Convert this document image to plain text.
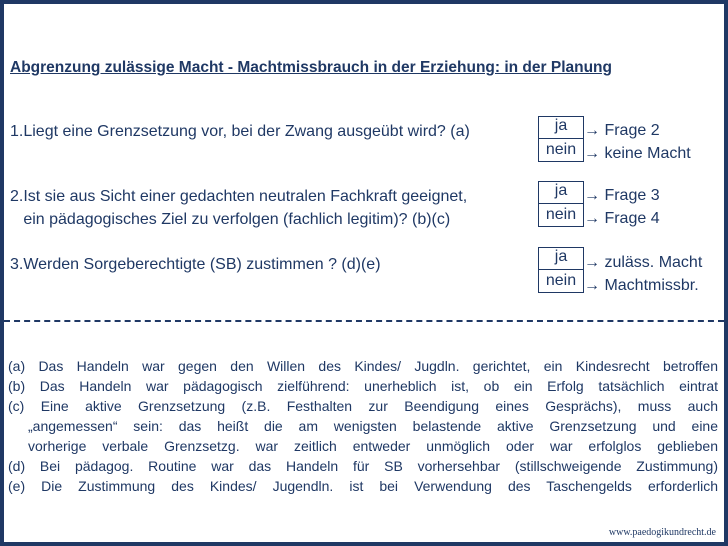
Abgrenzung zulässige Macht - Machtmissbrauch in der Erziehung: in der Planung
1.Liegt eine Grenzsetzung vor, bei der Zwang ausgeübt wird? (a)	ja
nein
→ Frage 2
→ keine Macht
2.Ist sie aus Sicht einer gedachten neutralen Fachkraft geeignet,
ein pädagogisches Ziel zu verfolgen (fachlich legitim)? (b)(c)
ja
nein
→ Frage 3
→ Frage 4
3.Werden Sorgeberechtigte (SB) zustimmen ? (d)(e)	ja
nein
→ zuläss. Macht
→ Machtmissbr.
(a) Das Handeln war gegen den Willen des Kindes/ Jugdln. gerichtet, ein Kindesrecht betroffen
(b) Das Handeln war pädagogisch zielführend: unerheblich ist, ob ein Erfolg tatsächlich eintrat
(c) Eine aktive Grenzsetzung (z.B. Festhalten zur Beendigung eines Gesprächs), muss auch
„angemessen“ sein: das heißt die am wenigsten belastende aktive Grenzsetzung und eine
vorherige verbale Grenzsetzg. war zeitlich entweder unmöglich oder war erfolglos geblieben
(d) Bei pädagog. Routine war das Handeln für SB vorhersehbar (stillschweigende Zustimmung)
(e) Die Zustimmung des Kindes/ Jugendln. ist bei Verwendung des Taschengelds erforderlich
www.paedogikundrecht.de
